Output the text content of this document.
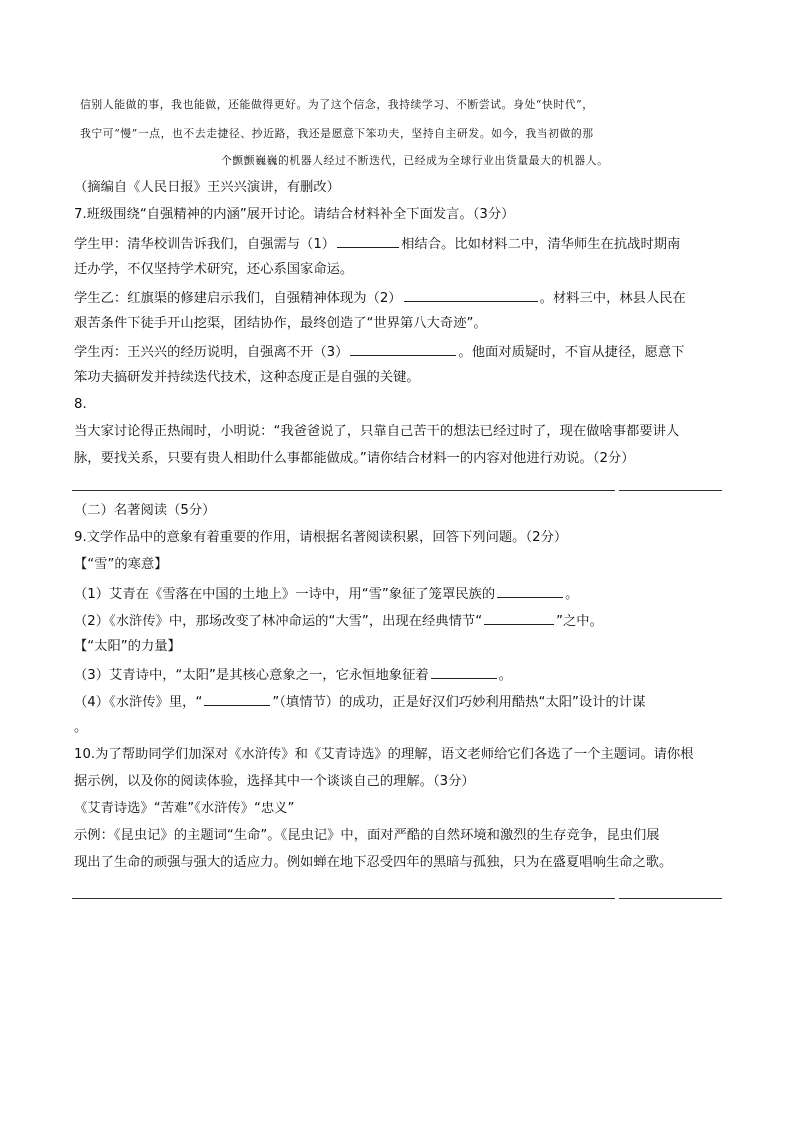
信别人能做的事，我也能做，还能做得更好。为了这个信念，我持续学习、不断尝试。身处“快时代”，
我宁可“慢”一点，也不去走捷径、抄近路，我还是愿意下笨功夫，坚持自主研发。如今，我当初做的那
个颤颤巍巍的机器人经过不断迭代，已经成为全球行业出货量最大的机器人。
（摘编自《人民日报》王兴兴演讲，有删改）
7.班级围绕“自强精神的内涵”展开讨论。请结合材料补全下面发言。（3分）
学生甲：清华校训告诉我们，自强需与（1）	相结合。比如材料二中，清华师生在抗战时期南
迁办学，不仅坚持学术研究，还心系国家命运。
学生乙：红旗渠的修建启示我们，自强精神体现为（2）	。材料三中，林县人民在
艰苦条件下徒手开山挖渠，团结协作，最终创造了“世界第八大奇迹”。
学生丙：王兴兴的经历说明，自强离不开（3）	。他面对质疑时，不盲从捷径，愿意下
笨功夫搞研发并持续迭代技术，这种态度正是自强的关键。
8.
当大家讨论得正热闹时，小明说：“我爸爸说了，只靠自己苦干的想法已经过时了，现在做啥事都要讲人
脉，要找关系，只要有贵人相助什么事都能做成。”请你结合材料一的内容对他进行劝说。（2分）
（二）名著阅读（5分）
9.文学作品中的意象有着重要的作用，请根据名著阅读积累，回答下列问题。（2分）
【“雪”的寒意】
（1）艾青在《雪落在中国的土地上》一诗中，用“雪”象征了笼罩民族的	。
（2）《水浒传》中，那场改变了林冲命运的“大雪”，出现在经典情节“	”之中。
【“太阳”的力量】
（3）艾青诗中，“太阳”是其核心意象之一，它永恒地象征着	。
（4）《水浒传》里，“	”（填情节）的成功，正是好汉们巧妙利用酷热“太阳”设计的计谋
。
10.为了帮助同学们加深对《水浒传》和《艾青诗选》的理解，语文老师给它们各选了一个主题词。请你根
据示例，以及你的阅读体验，选择其中一个谈谈自己的理解。（3分）
《艾青诗选》“苦难”《水浒传》“忠义”
示例：《昆虫记》的主题词“生命”。《昆虫记》中，面对严酷的自然环境和激烈的生存竞争，昆虫们展
现出了生命的顽强与强大的适应力。例如蝉在地下忍受四年的黑暗与孤独，只为在盛夏唱响生命之歌。
